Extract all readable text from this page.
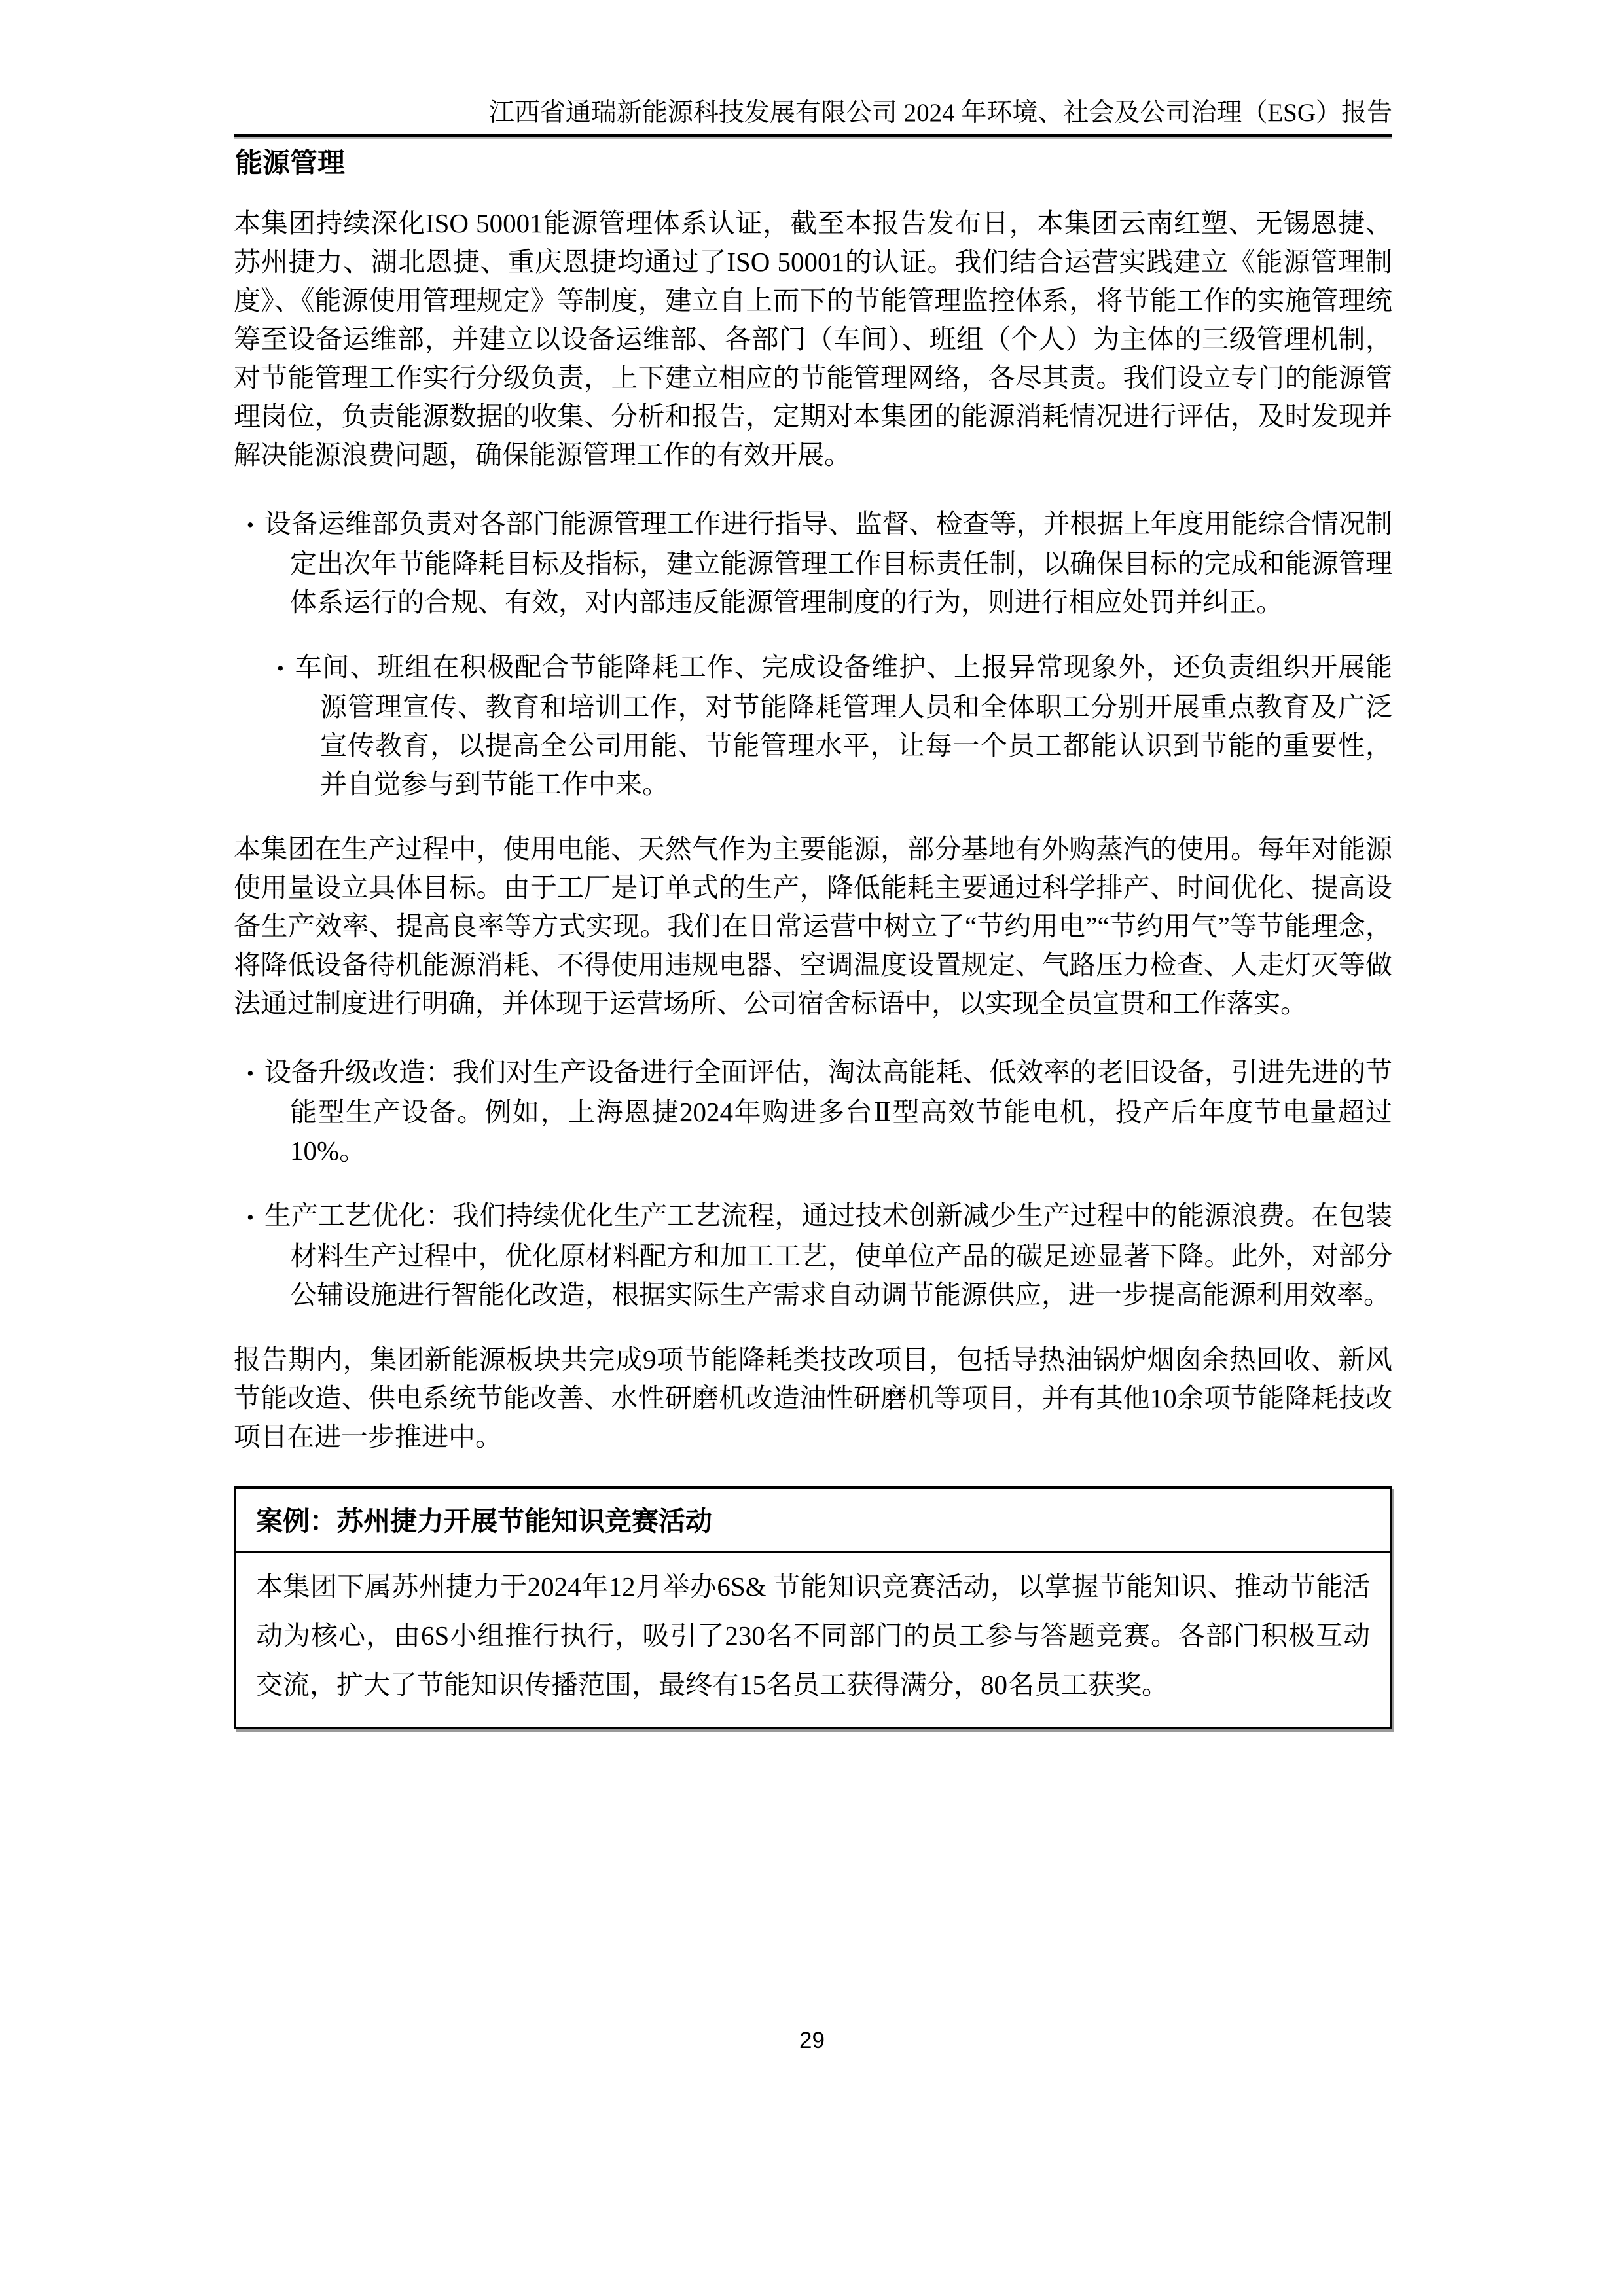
江西省通瑞新能源科技发展有限公司 2024 年环境、社会及公司治理（ESG）报告
能源管理

本集团持续深化ISO 50001能源管理体系认证，截至本报告发布日，本集团云南红塑、无锡恩捷、苏州捷力、湖北恩捷、重庆恩捷均通过了ISO 50001的认证。我们结合运营实践建立《能源管理制度》、《能源使用管理规定》等制度，建立自上而下的节能管理监控体系，将节能工作的实施管理统筹至设备运维部，并建立以设备运维部、各部门（车间）、班组（个人）为主体的三级管理机制，对节能管理工作实行分级负责，上下建立相应的节能管理网络，各尽其责。我们设立专门的能源管理岗位，负责能源数据的收集、分析和报告，定期对本集团的能源消耗情况进行评估，及时发现并解决能源浪费问题，确保能源管理工作的有效开展。

• 设备运维部负责对各部门能源管理工作进行指导、监督、检查等，并根据上年度用能综合情况制定出次年节能降耗目标及指标，建立能源管理工作目标责任制，以确保目标的完成和能源管理体系运行的合规、有效，对内部违反能源管理制度的行为，则进行相应处罚并纠正。
• 车间、班组在积极配合节能降耗工作、完成设备维护、上报异常现象外，还负责组织开展能源管理宣传、教育和培训工作，对节能降耗管理人员和全体职工分别开展重点教育及广泛宣传教育，以提高全公司用能、节能管理水平，让每一个员工都能认识到节能的重要性，并自觉参与到节能工作中来。

本集团在生产过程中，使用电能、天然气作为主要能源，部分基地有外购蒸汽的使用。每年对能源使用量设立具体目标。由于工厂是订单式的生产，降低能耗主要通过科学排产、时间优化、提高设备生产效率、提高良率等方式实现。我们在日常运营中树立了“节约用电”“节约用气”等节能理念，将降低设备待机能源消耗、不得使用违规电器、空调温度设置规定、气路压力检查、人走灯灭等做法通过制度进行明确，并体现于运营场所、公司宿舍标语中，以实现全员宣贯和工作落实。

• 设备升级改造：我们对生产设备进行全面评估，淘汰高能耗、低效率的老旧设备，引进先进的节能型生产设备。例如，上海恩捷2024年购进多台Ⅱ型高效节能电机，投产后年度节电量超过10%。
• 生产工艺优化：我们持续优化生产工艺流程，通过技术创新减少生产过程中的能源浪费。在包装材料生产过程中，优化原材料配方和加工工艺，使单位产品的碳足迹显著下降。此外，对部分公辅设施进行智能化改造，根据实际生产需求自动调节能源供应，进一步提高能源利用效率。

报告期内，集团新能源板块共完成9项节能降耗类技改项目，包括导热油锅炉烟囱余热回收、新风节能改造、供电系统节能改善、水性研磨机改造油性研磨机等项目，并有其他10余项节能降耗技改项目在进一步推进中。

案例：苏州捷力开展节能知识竞赛活动
本集团下属苏州捷力于2024年12月举办6S& 节能知识竞赛活动，以掌握节能知识、推动节能活动为核心，由6S小组推行执行，吸引了230名不同部门的员工参与答题竞赛。各部门积极互动交流，扩大了节能知识传播范围，最终有15名员工获得满分，80名员工获奖。
29
